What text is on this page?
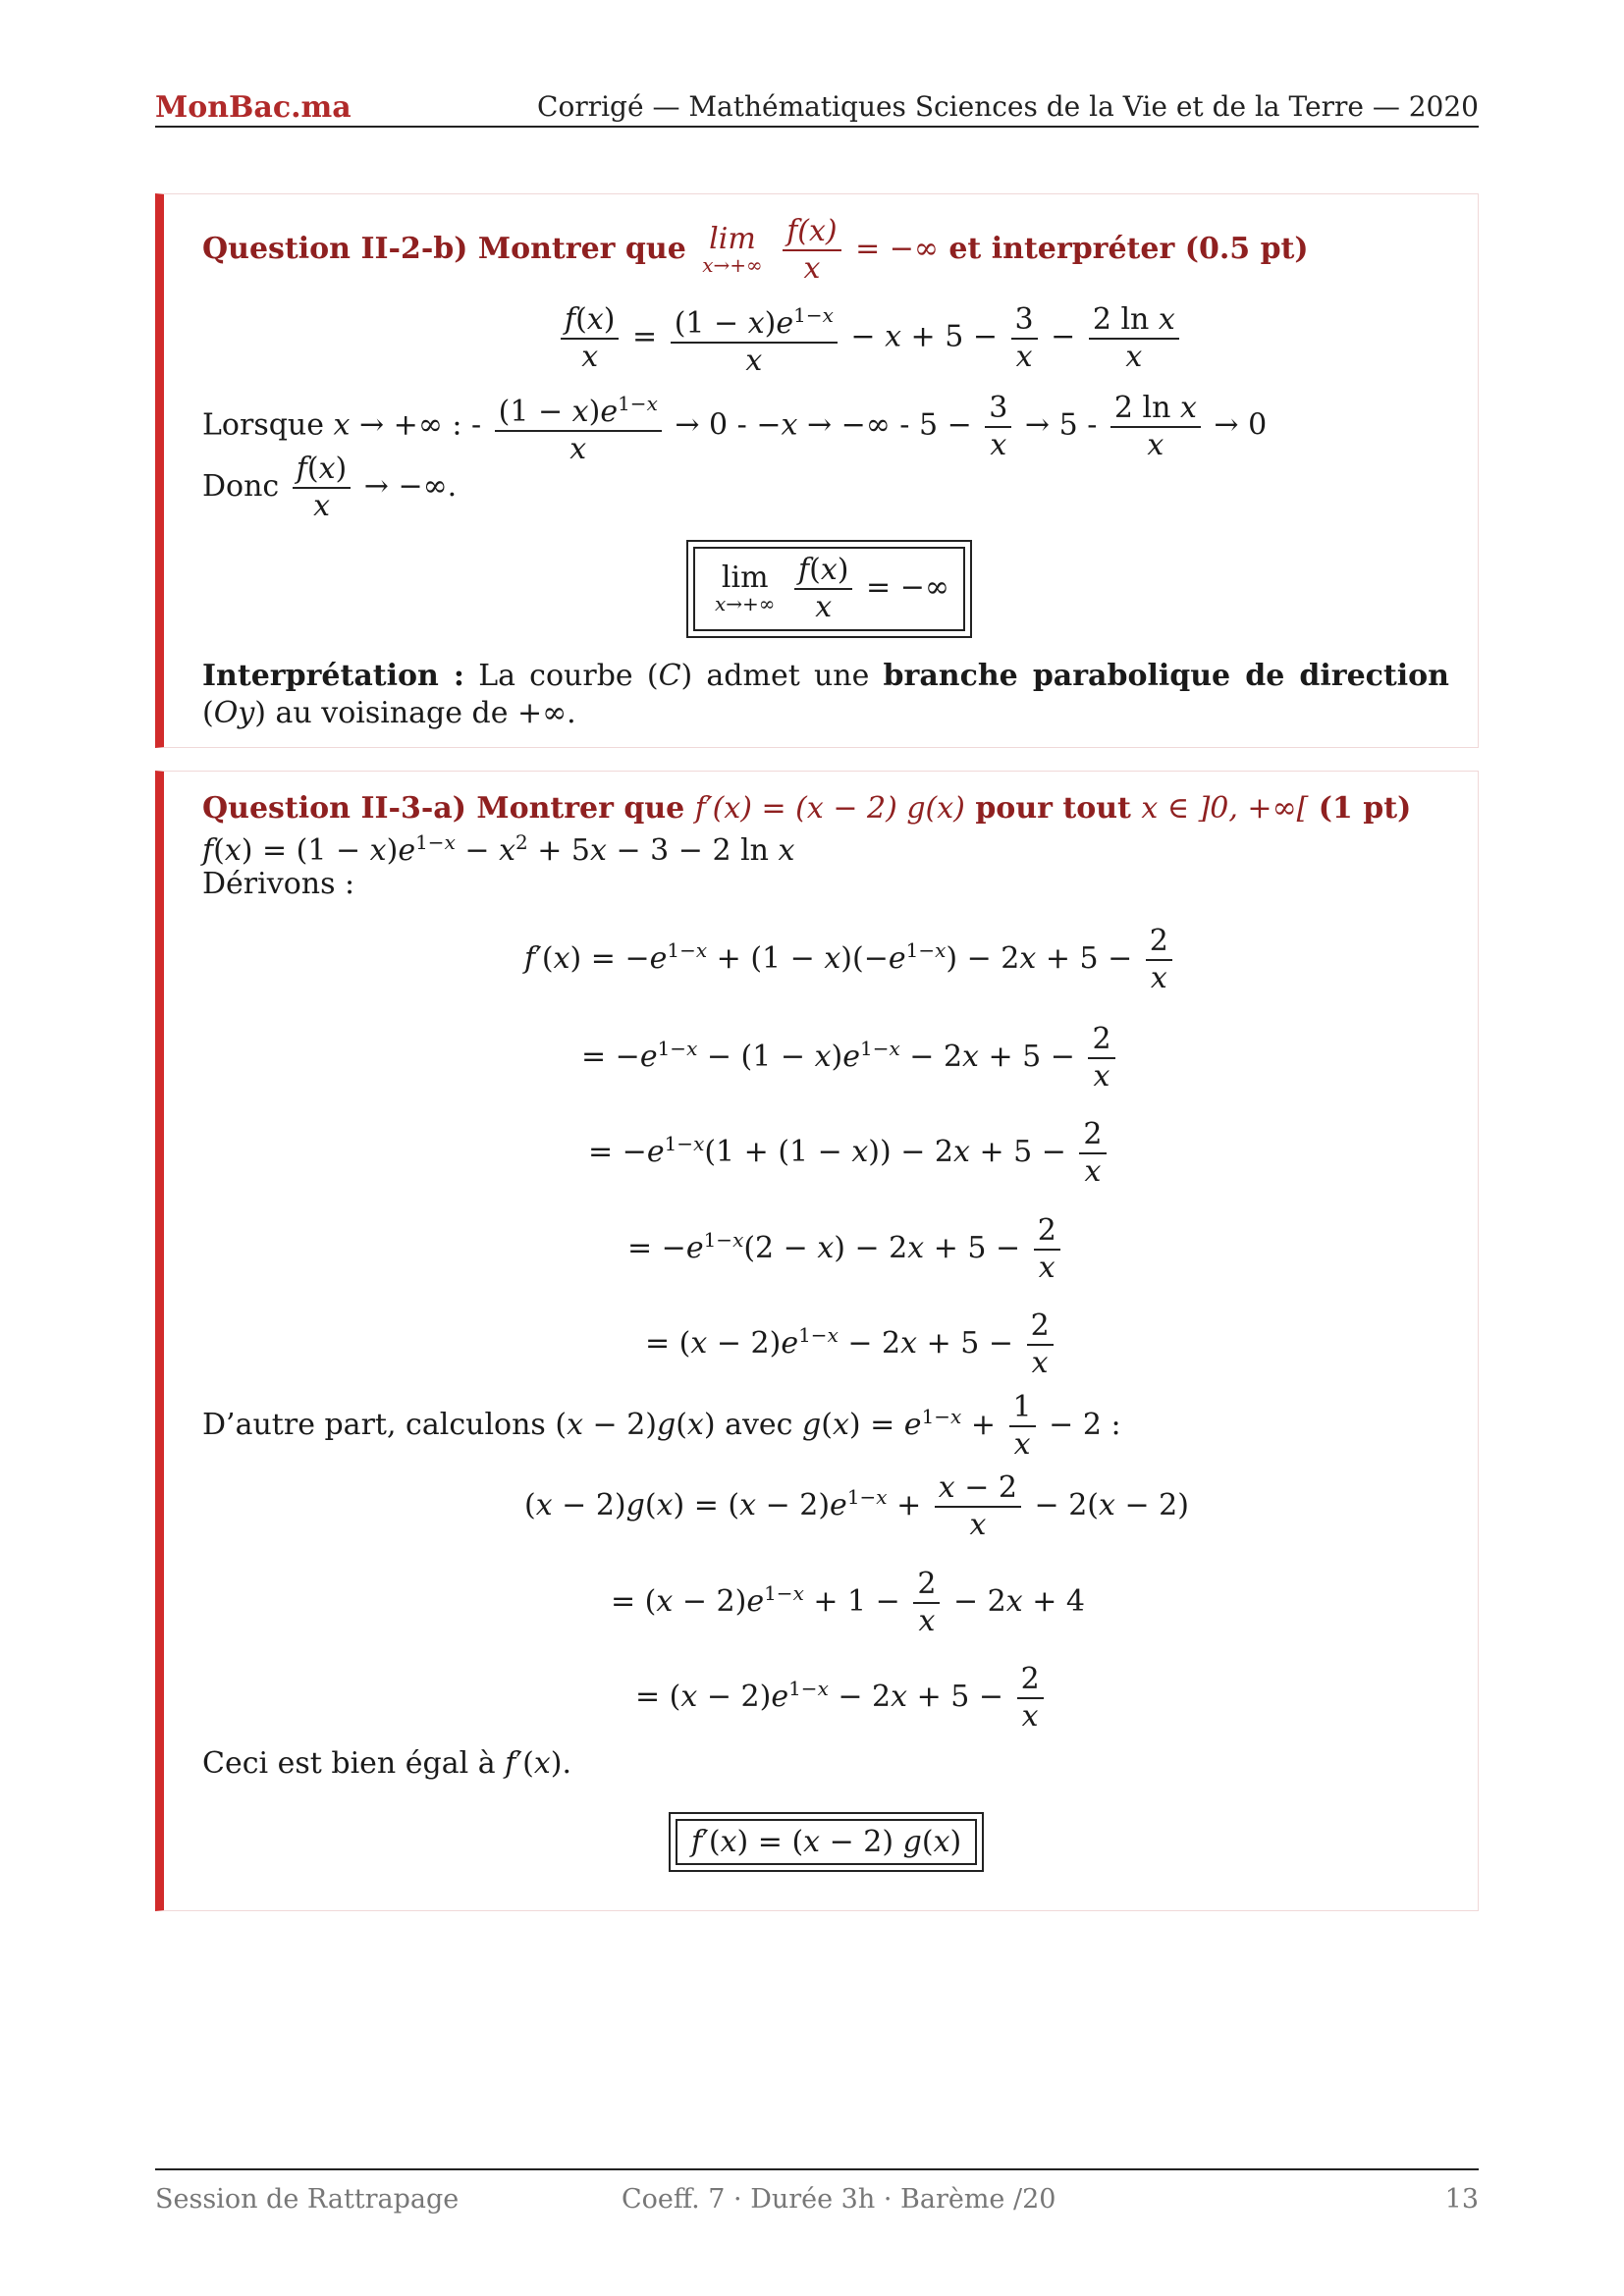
MonBac.ma	Corrigé — Mathématiques Sciences de la Vie et de la Terre — 2020
Question II-2-b) Montrer que lim
x→+∞
$\frac{f(x)}{x}$ = −∞ et interpréter (0.5 pt)
$\frac{f(x)}{x} = \frac{(1 - x)e^{1-x}}{x} - x + 5 - \frac{3}{x} - \frac{\text{2 ln x}}{x}$
Lorsque x → +∞ : - $\frac{(1 - x)e^{1-x}}{x} \to 0 - -x$ → −∞ - $5 - \frac{3}{x} \to 5 - \frac{\text{2 ln x}}{x} \to 0$
Donc $\frac{f(x)}{x}$ → −∞.
lim
x→+∞
$\frac{f(x)}{x}$ = −∞
Interprétation : La courbe (C) admet une branche parabolique de direction (Oy) au voisinage de +∞.
Question II-3-a) Montrer que f′(x) = (x − 2) g(x) pour tout x ∈ ]0, +∞[ (1 pt)
$f(x) = (1 - x)e^{1-x} - x^2 + 5x - 3 - 2$ ln x
Dérivons :
$f'(x) = -e^{1-x} + (1 - x)(-e^{1-x}) - 2x + 5 - \frac{2}{x}$
= $-e^{1-x} - (1 - x)e^{1-x} - 2x + 5 - \frac{2}{x}$
= $-e^{1-x}(1 + (1 - x)) - 2x + 5 - \frac{2}{x}$
= $-e^{1-x}(2 - x) - 2x + 5 - \frac{2}{x}$
= $(x - 2)e^{1-x} - 2x + 5 - \frac{2}{x}$
D’autre part, calculons (x − 2)g(x) avec $g(x) = e^{1-x} + \frac{1}{x} - 2$ :
$(x - 2)g(x) = (x - 2)e^{1-x} + \frac{x - 2}{x} - 2(x - 2)$
= $(x - 2)e^{1-x} + 1 - \frac{2}{x} - 2x + 4$
= $(x - 2)e^{1-x} - 2x + 5 - \frac{2}{x}$
Ceci est bien égal à f′(x).
f′(x) = (x − 2) g(x)
Session de Rattrapage	Coeff. 7 · Durée 3h · Barème /20	13
